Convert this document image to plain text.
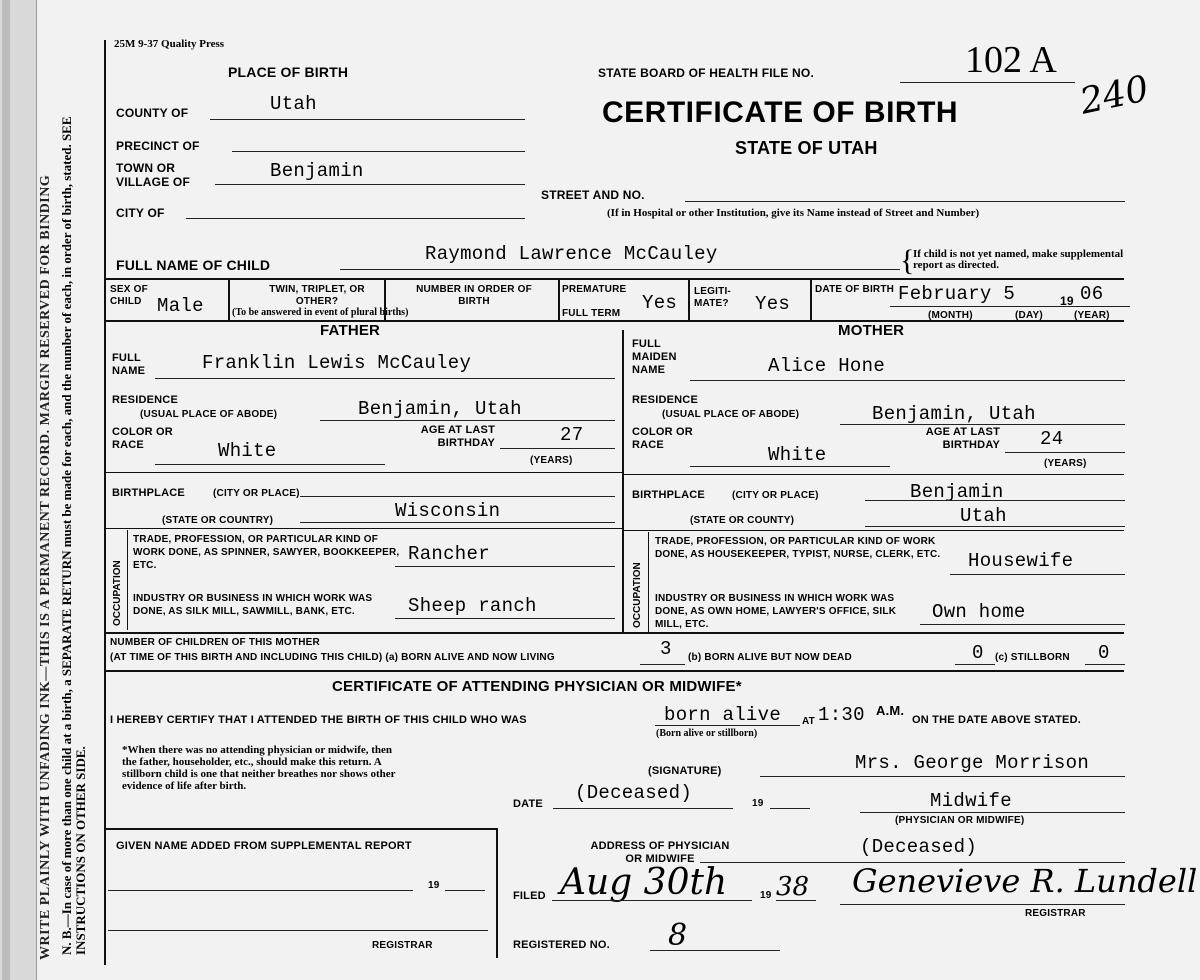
WRITE PLAINLY WITH UNFADING INK—THIS IS A PERMANENT RECORD. MARGIN RESERVED FOR BINDING N. B.—In case of more than one child at a birth, a SEPARATE RETURN must be made for each, and the number of each, in order of birth, stated. SEE INSTRUCTIONS ON OTHER SIDE.
25M 9-37 Quality Press
PLACE OF BIRTH	STATE BOARD OF HEALTH FILE NO.	102 A
240
CERTIFICATE OF BIRTH
STATE OF UTAH
COUNTY OF	Utah
PRECINCT OF
TOWN OR VILLAGE OF	Benjamin
STREET AND NO.
(If in Hospital or other Institution, give its Name instead of Street and Number)
CITY OF
FULL NAME OF CHILD	Raymond Lawrence McCauley	{
If child is not yet named, make supplemental report as directed.
SEX OF CHILD Male
TWIN, TRIPLET, OR OTHER?
(To be answered in event of plural births)
NUMBER IN ORDER OF BIRTH
PREMATURE
FULL TERM Yes
LEGITI- MATE?	Yes
DATE OF BIRTH February 5	19 06
(MONTH)	(DAY)	(YEAR)
FATHER
FULL NAME	Franklin Lewis McCauley
RESIDENCE
(USUAL PLACE OF ABODE)	Benjamin, Utah
COLOR OR RACE	White
AGE AT LAST BIRTHDAY	27
(YEARS)
BIRTHPLACE	(CITY OR PLACE)
Wisconsin
(STATE OR COUNTRY)
OCCUPATION
TRADE, PROFESSION, OR PARTICULAR KIND OF WORK DONE, AS SPINNER, SAWYER, BOOKKEEPER, ETC.
Rancher
INDUSTRY OR BUSINESS IN WHICH WORK WAS DONE, AS SILK MILL, SAWMILL, BANK, ETC.	Sheep ranch
MOTHER
FULL MAIDEN NAME	Alice Hone
RESIDENCE
(USUAL PLACE OF ABODE)	Benjamin, Utah
COLOR OR RACE	White
AGE AT LAST BIRTHDAY 24
(YEARS)
BIRTHPLACE	(CITY OR PLACE)	Benjamin
Utah
(STATE OR COUNTY)
OCCUPATION
TRADE, PROFESSION, OR PARTICULAR KIND OF WORK DONE, AS HOUSEKEEPER, TYPIST, NURSE, CLERK, ETC.	Housewife
INDUSTRY OR BUSINESS IN WHICH WORK WAS DONE, AS OWN HOME, LAWYER'S OFFICE, SILK MILL, ETC.
Own home
NUMBER OF CHILDREN OF THIS MOTHER
(AT TIME OF THIS BIRTH AND INCLUDING THIS CHILD) (a) BORN ALIVE AND NOW LIVING	3 (b) BORN ALIVE BUT NOW DEAD	0 (c) STILLBORN 0
CERTIFICATE OF ATTENDING PHYSICIAN OR MIDWIFE*
I HEREBY CERTIFY THAT I ATTENDED THE BIRTH OF THIS CHILD WHO WAS	born alive
(Born alive or stillborn)
AT 1:30 A.M.
ON THE DATE ABOVE STATED.
*When there was no attending physician or midwife, then the father, householder, etc., should make this return. A stillborn child is one that neither breathes nor shows other evidence of life after birth.
(SIGNATURE)	Mrs. George Morrison
DATE (Deceased)	19	Midwife
(PHYSICIAN OR MIDWIFE)
ADDRESS OF PHYSICIAN OR MIDWIFE
(Deceased)
GIVEN NAME ADDED FROM SUPPLEMENTAL REPORT
19
REGISTRAR
FILED Aug 30th	19 38 Genevieve R. Lundell
REGISTRAR
REGISTERED NO. 8
